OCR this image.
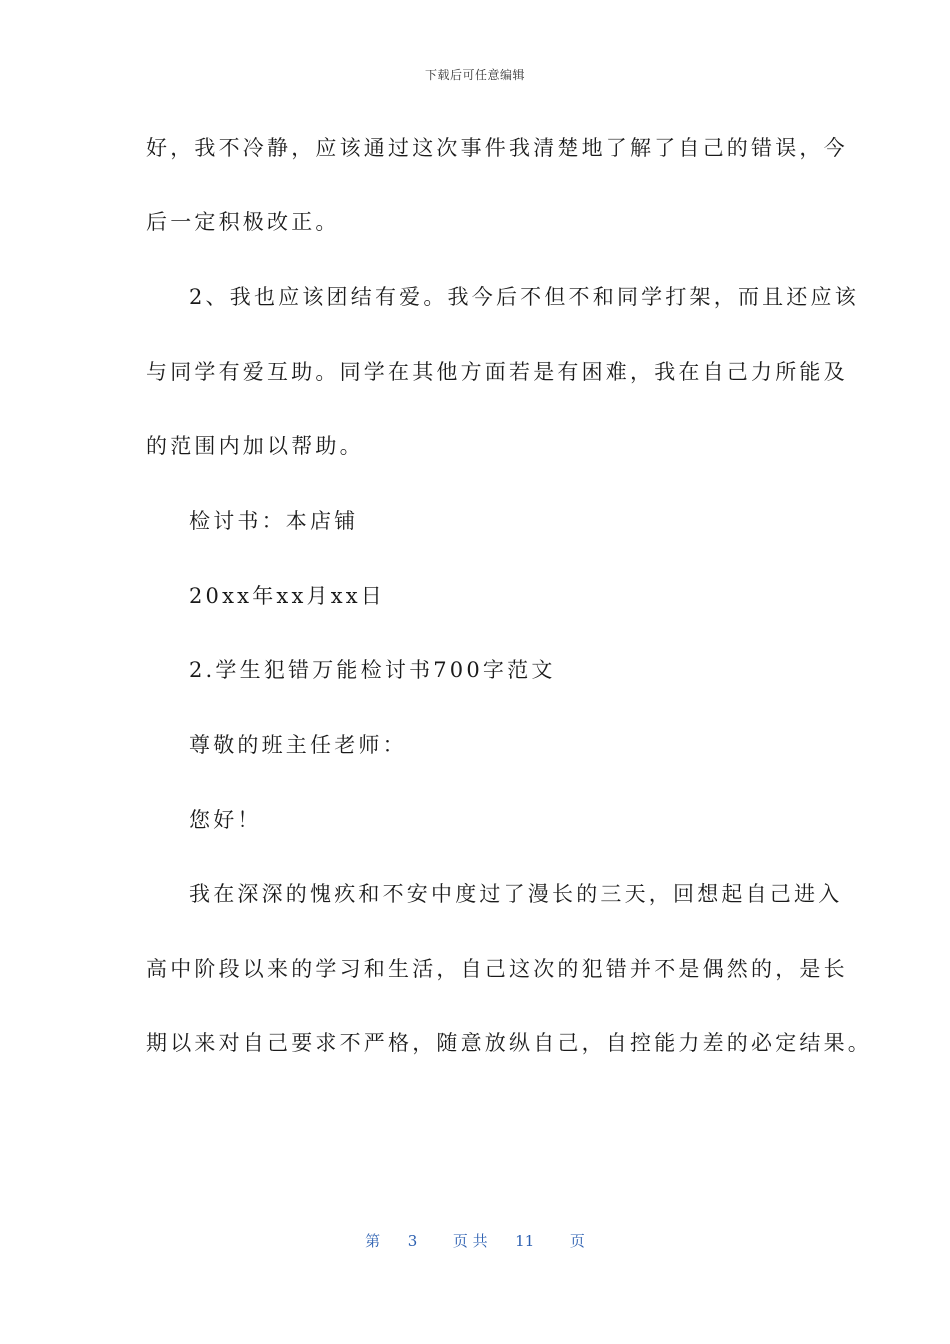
下载后可任意编辑
好，我不冷静，应该通过这次事件我清楚地了解了自己的错误，今
后一定积极改正。
2、我也应该团结有爱。我今后不但不和同学打架，而且还应该
与同学有爱互助。同学在其他方面若是有困难，我在自己力所能及
的范围内加以帮助。
检讨书：本店铺
20xx年xx月xx日
2.学生犯错万能检讨书700字范文
尊敬的班主任老师：
您好！
我在深深的愧疚和不安中度过了漫长的三天，回想起自己进入
高中阶段以来的学习和生活，自己这次的犯错并不是偶然的，是长
期以来对自己要求不严格，随意放纵自己，自控能力差的必定结果。
第 3 页 共 11 页
